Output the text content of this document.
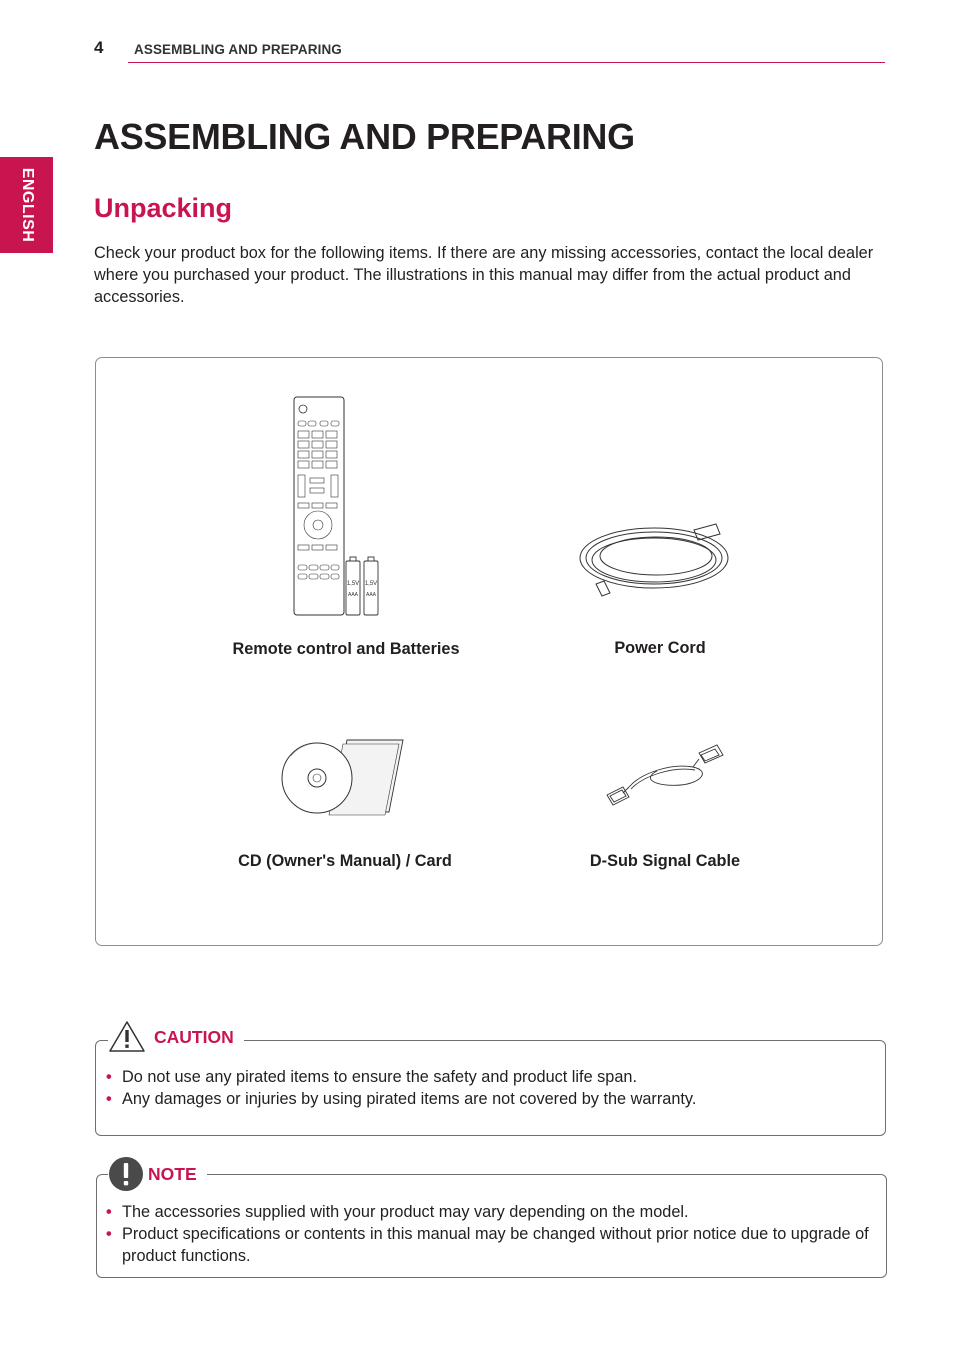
4 ASSEMBLING AND PREPARING
ENGLISH
ASSEMBLING AND PREPARING
Unpacking

Check your product box for the following items. If there are any missing accessories, contact the local dealer where you purchased your product. The illustrations in this manual may differ from the actual product and accessories.

1,5V
AAA
1,5V
AAA
Remote control and Batteries	Power Cord
CD (Owner's Manual) / Card	D-Sub Signal Cable
CAUTION
• Do not use any pirated items to ensure the safety and product life span.
• Any damages or injuries by using pirated items are not covered by the warranty.
NOTE
• The accessories supplied with your product may vary depending on the model.
• Product specifications or contents in this manual may be changed without prior notice due to upgrade of product functions.
